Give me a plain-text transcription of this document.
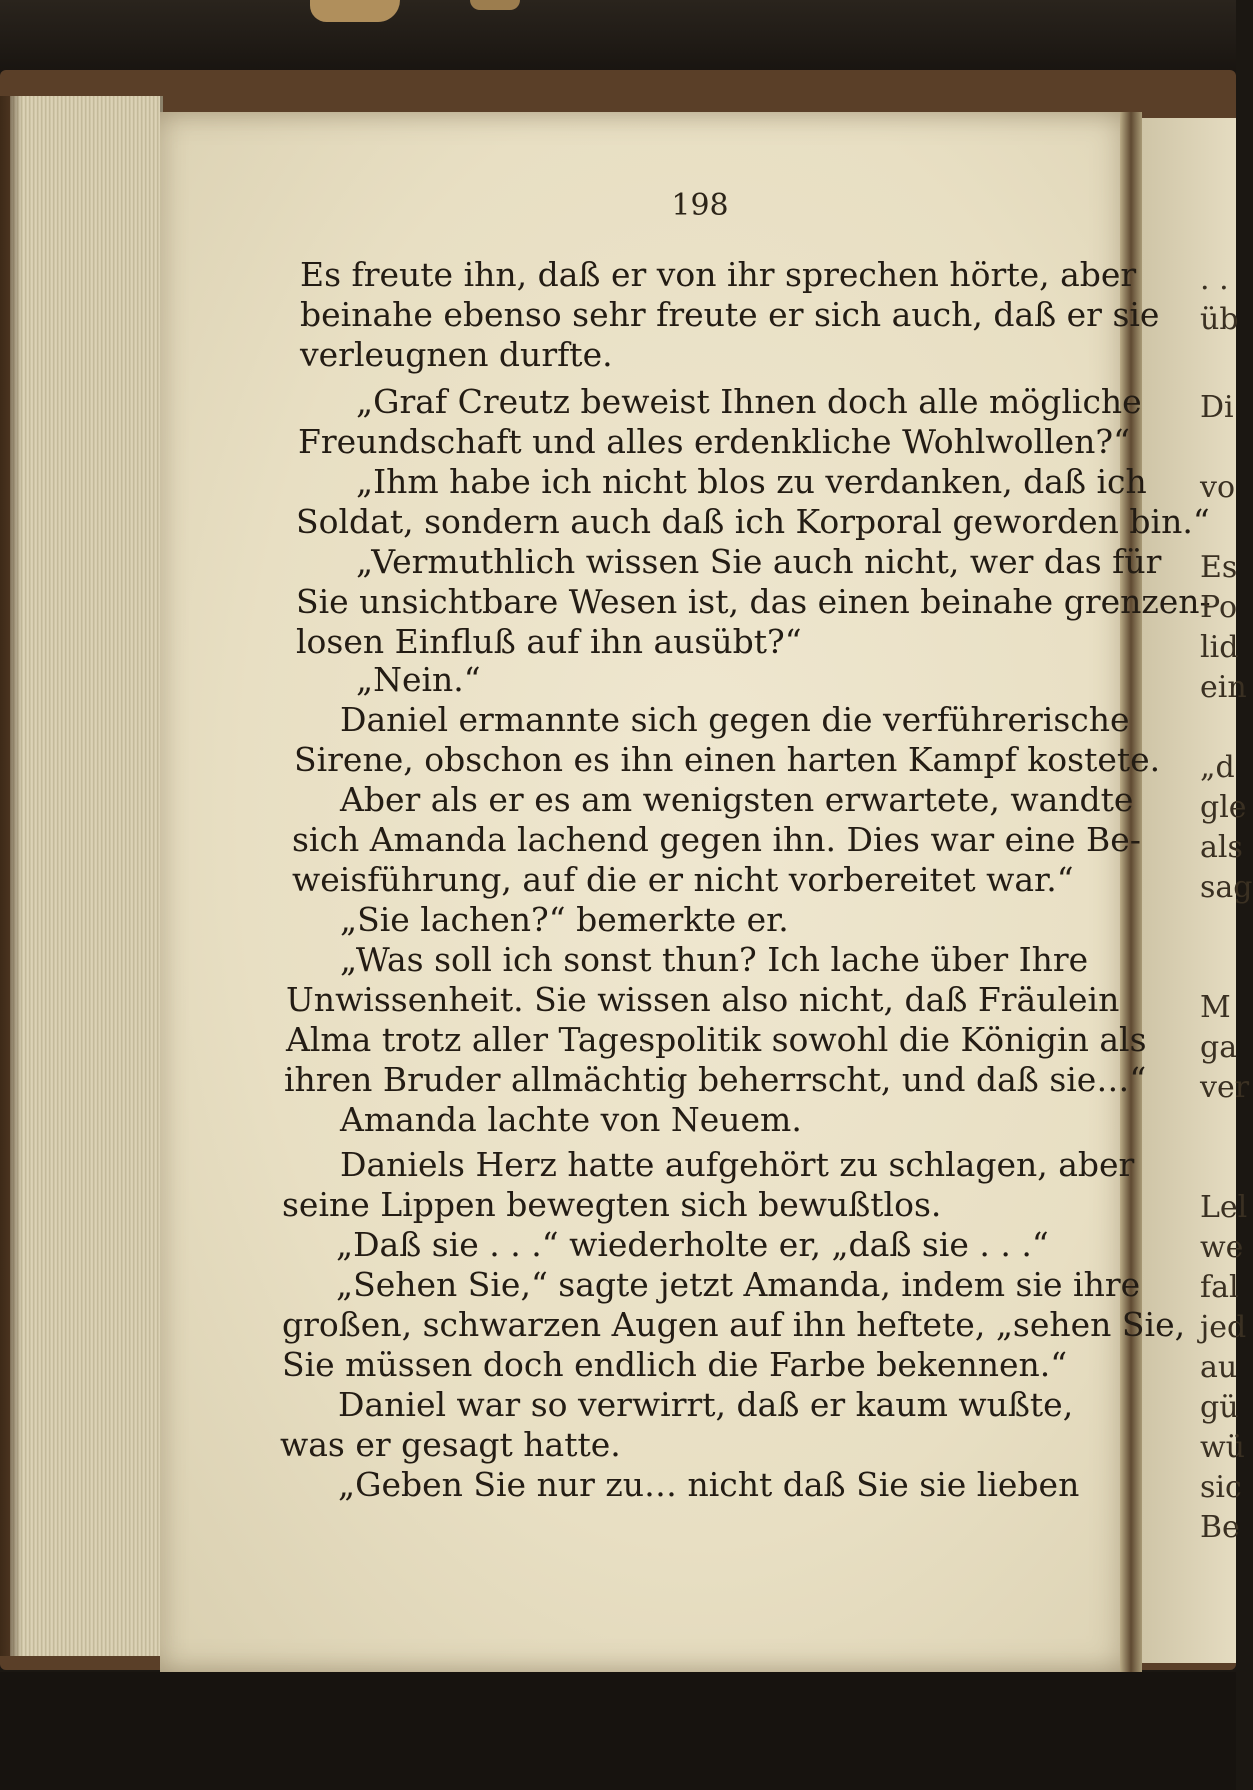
198
Es freute ihn, daß er von ihr sprechen hörte, aber
beinahe ebenso sehr freute er sich auch, daß er sie
verleugnen durfte.
„Graf Creutz beweist Ihnen doch alle mögliche
Freundschaft und alles erdenkliche Wohlwollen?“
„Ihm habe ich nicht blos zu verdanken, daß ich
Soldat, sondern auch daß ich Korporal geworden bin.“
„Vermuthlich wissen Sie auch nicht, wer das für
Sie unsichtbare Wesen ist, das einen beinahe grenzen-
losen Einfluß auf ihn ausübt?“
„Nein.“
Daniel ermannte sich gegen die verführerische
Sirene, obschon es ihn einen harten Kampf kostete.
Aber als er es am wenigsten erwartete, wandte
sich Amanda lachend gegen ihn. Dies war eine Be-
weisführung, auf die er nicht vorbereitet war.“
„Sie lachen?“ bemerkte er.
„Was soll ich sonst thun? Ich lache über Ihre
Unwissenheit. Sie wissen also nicht, daß Fräulein
Alma trotz aller Tagespolitik sowohl die Königin als
ihren Bruder allmächtig beherrscht, und daß sie…“
Amanda lachte von Neuem.
Daniels Herz hatte aufgehört zu schlagen, aber
seine Lippen bewegten sich bewußtlos.
„Daß sie . . .“ wiederholte er, „daß sie . . .“
„Sehen Sie,“ sagte jetzt Amanda, indem sie ihre
großen, schwarzen Augen auf ihn heftete, „sehen Sie,
Sie müssen doch endlich die Farbe bekennen.“
Daniel war so verwirrt, daß er kaum wußte,
was er gesagt hatte.
„Geben Sie nur zu… nicht daß Sie sie lieben
. .
üb
Di
vo
Es
Po
lid
ein
„d
gle
als
sag
M
ga
ver
Lel
we
fal
jed
au
gü
wü
sic
Be
